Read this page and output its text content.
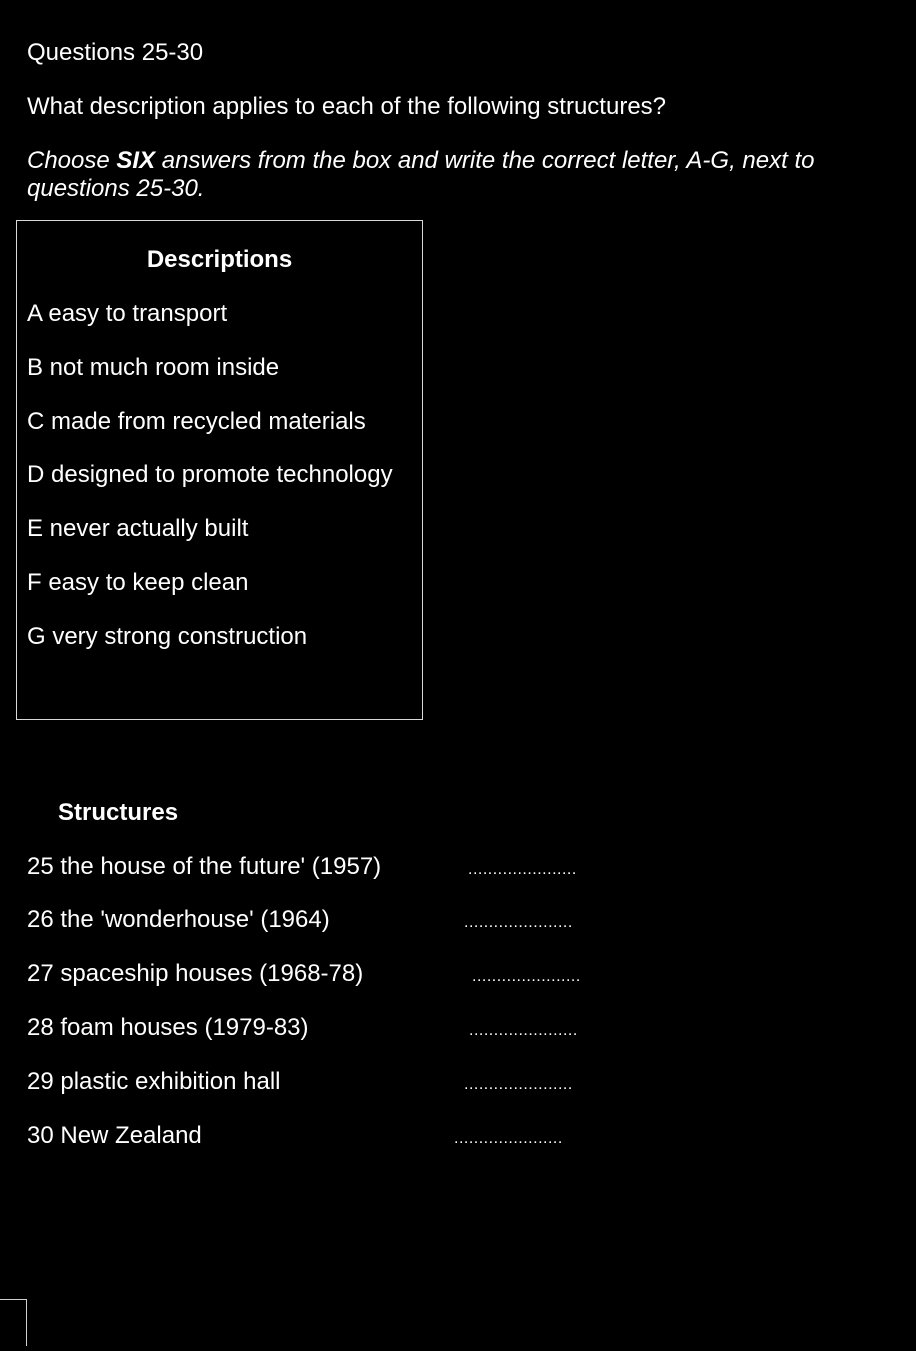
Questions 25-30
What description applies to each of the following structures?
Choose SIX answers from the box and write the correct letter, A-G, next to questions 25-30.
Descriptions
A easy to transport
B not much room inside
C made from recycled materials
D designed to promote technology
E never actually built
F easy to keep clean
G very strong construction
Structures
25 the house of the future' (1957)	......................
26 the 'wonderhouse' (1964)	......................
27 spaceship houses (1968-78)	......................
28 foam houses (1979-83)	......................
29 plastic exhibition hall	......................
30 New Zealand	......................
